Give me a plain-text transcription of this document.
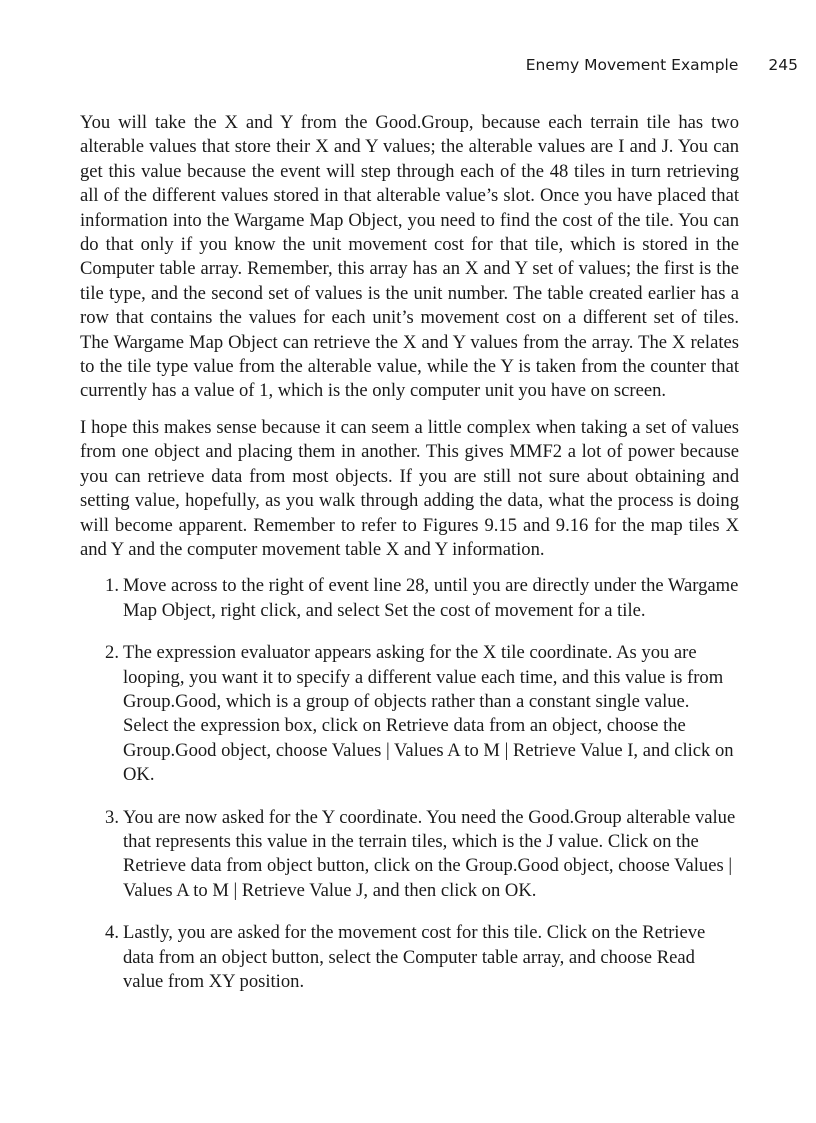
Enemy Movement Example 245

You will take the X and Y from the Good.Group, because each terrain tile has two alterable values that store their X and Y values; the alterable values are I and J. You can get this value because the event will step through each of the 48 tiles in turn retrieving all of the different values stored in that alterable value’s slot. Once you have placed that information into the Wargame Map Object, you need to find the cost of the tile. You can do that only if you know the unit movement cost for that tile, which is stored in the Computer table array. Remember, this array has an X and Y set of values; the first is the tile type, and the second set of values is the unit number. The table created earlier has a row that contains the values for each unit’s movement cost on a different set of tiles. The Wargame Map Object can retrieve the X and Y values from the array. The X relates to the tile type value from the alterable value, while the Y is taken from the counter that currently has a value of 1, which is the only computer unit you have on screen.

I hope this makes sense because it can seem a little complex when taking a set of values from one object and placing them in another. This gives MMF2 a lot of power because you can retrieve data from most objects. If you are still not sure about obtaining and setting value, hopefully, as you walk through adding the data, what the process is doing will become apparent. Remember to refer to Figures 9.15 and 9.16 for the map tiles X and Y and the computer movement table X and Y information.

1. Move across to the right of event line 28, until you are directly under the Wargame Map Object, right click, and select Set the cost of movement for a tile.
2. The expression evaluator appears asking for the X tile coordinate. As you are looping, you want it to specify a different value each time, and this value is from Group.Good, which is a group of objects rather than a constant single value. Select the expression box, click on Retrieve data from an object, choose the Group.Good object, choose Values | Values A to M | Retrieve Value I, and click on OK.
3. You are now asked for the Y coordinate. You need the Good.Group alterable value that represents this value in the terrain tiles, which is the J value. Click on the Retrieve data from object button, click on the Group.Good object, choose Values | Values A to M | Retrieve Value J, and then click on OK.
4. Lastly, you are asked for the movement cost for this tile. Click on the Retrieve data from an object button, select the Computer table array, and choose Read value from XY position.
